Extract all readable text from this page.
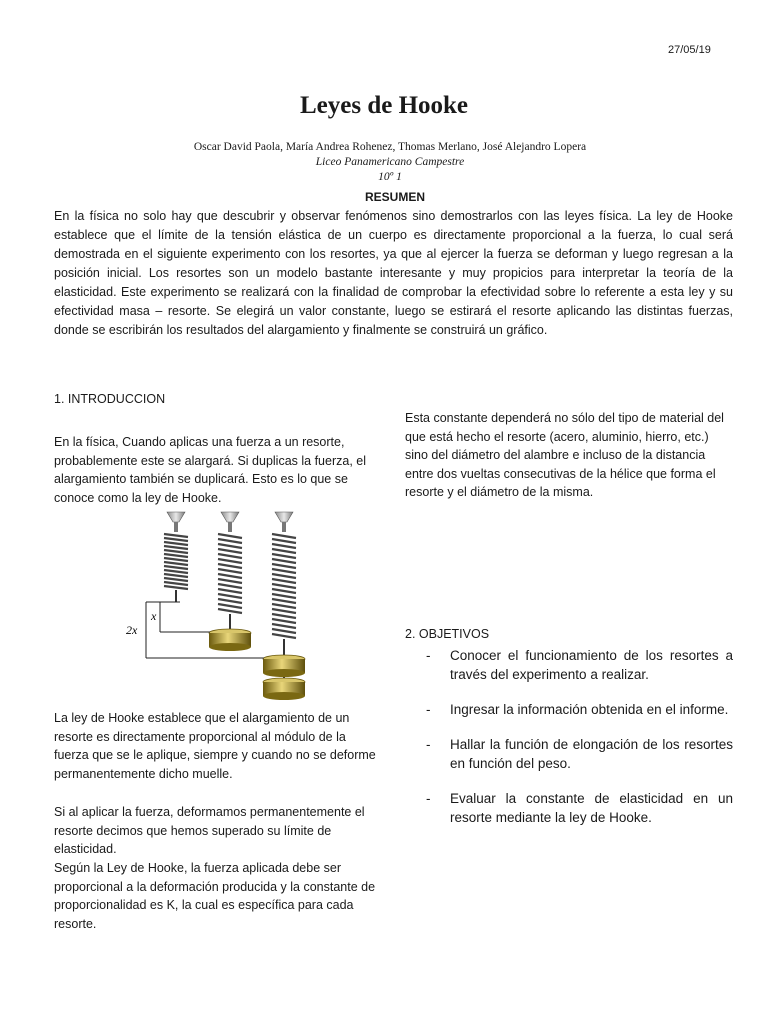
27/05/19
Leyes de Hooke
Oscar David Paola, María Andrea Rohenez, Thomas Merlano, José Alejandro Lopera
Liceo Panamericano Campestre
10º 1
RESUMEN

En la física no solo hay que descubrir y observar fenómenos sino demostrarlos con las leyes física. La ley de Hooke establece que el límite de la tensión elástica de un cuerpo es directamente proporcional a la fuerza, lo cual será demostrada en el siguiente experimento con los resortes, ya que al ejercer la fuerza se deforman y luego regresan a la posición inicial. Los resortes son un modelo bastante interesante y muy propicios para interpretar la teoría de la elasticidad. Este experimento se realizará con la finalidad de comprobar la efectividad sobre lo referente a esta ley y su efectividad masa – resorte. Se elegirá un valor constante, luego se estirará el resorte aplicando las distintas fuerzas, donde se escribirán los resultados del alargamiento y finalmente se construirá un gráfico.

1. INTRODUCCION

En la física, Cuando aplicas una fuerza a un resorte, probablemente este se alargará. Si duplicas la fuerza, el alargamiento también se duplicará. Esto es lo que se conoce como la ley de Hooke.

x
2x

La ley de Hooke establece que el alargamiento de un resorte es directamente proporcional al módulo de la fuerza que se le aplique, siempre y cuando no se deforme permanentemente dicho muelle.

Si al aplicar la fuerza, deformamos permanentemente el resorte decimos que hemos superado su límite de elasticidad.

Según la Ley de Hooke, la fuerza aplicada debe ser proporcional a la deformación producida y la constante de proporcionalidad es K, la cual es específica para cada resorte.

Esta constante dependerá no sólo del tipo de material del que está hecho el resorte (acero, aluminio, hierro, etc.) sino del diámetro del alambre e incluso de la distancia entre dos vueltas consecutivas de la hélice que forma el resorte y el diámetro de la misma.

2. OBJETIVOS
- Conocer el funcionamiento de los resortes a través del experimento a realizar.
- Ingresar la información obtenida en el informe.
- Hallar la función de elongación de los resortes en función del peso.
- Evaluar la constante de elasticidad en un resorte mediante la ley de Hooke.
